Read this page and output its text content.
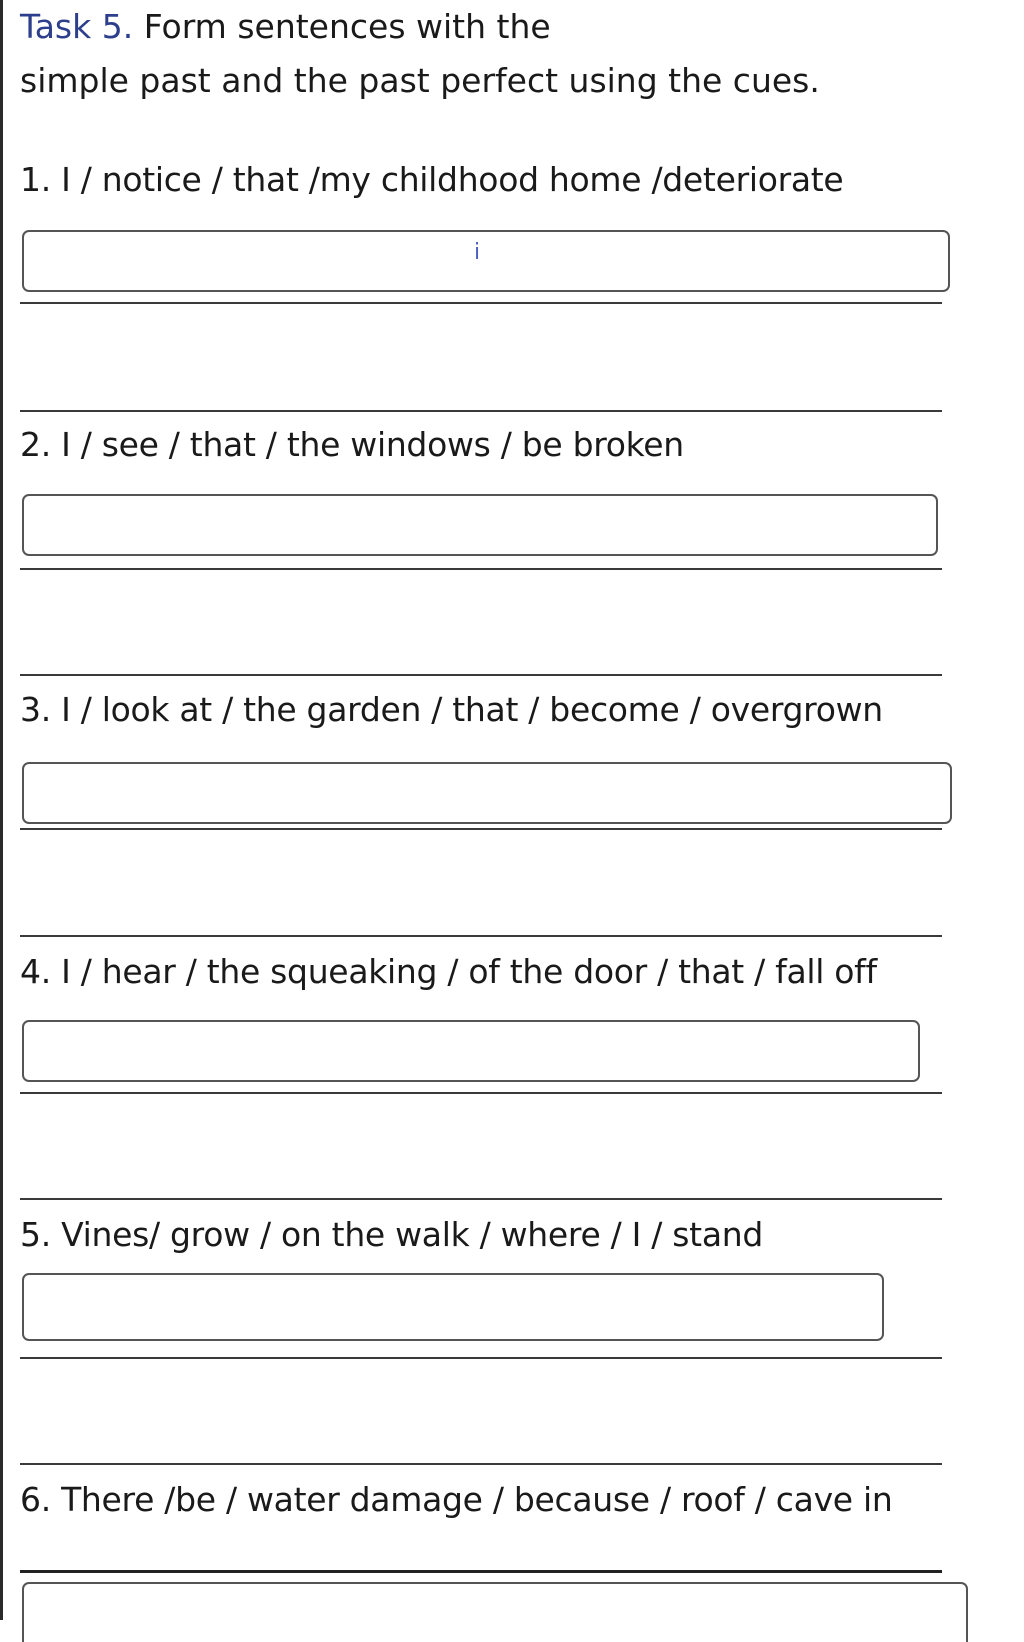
Task 5. Form sentences with the
simple past and the past perfect using the cues.
1. I / notice / that /my childhood home /deteriorate
i
2. I / see / that / the windows / be broken
3. I / look at / the garden / that / become / overgrown
4. I / hear / the squeaking / of the door / that / fall off
5. Vines/ grow / on the walk / where / I / stand
6. There /be / water damage / because / roof / cave in
